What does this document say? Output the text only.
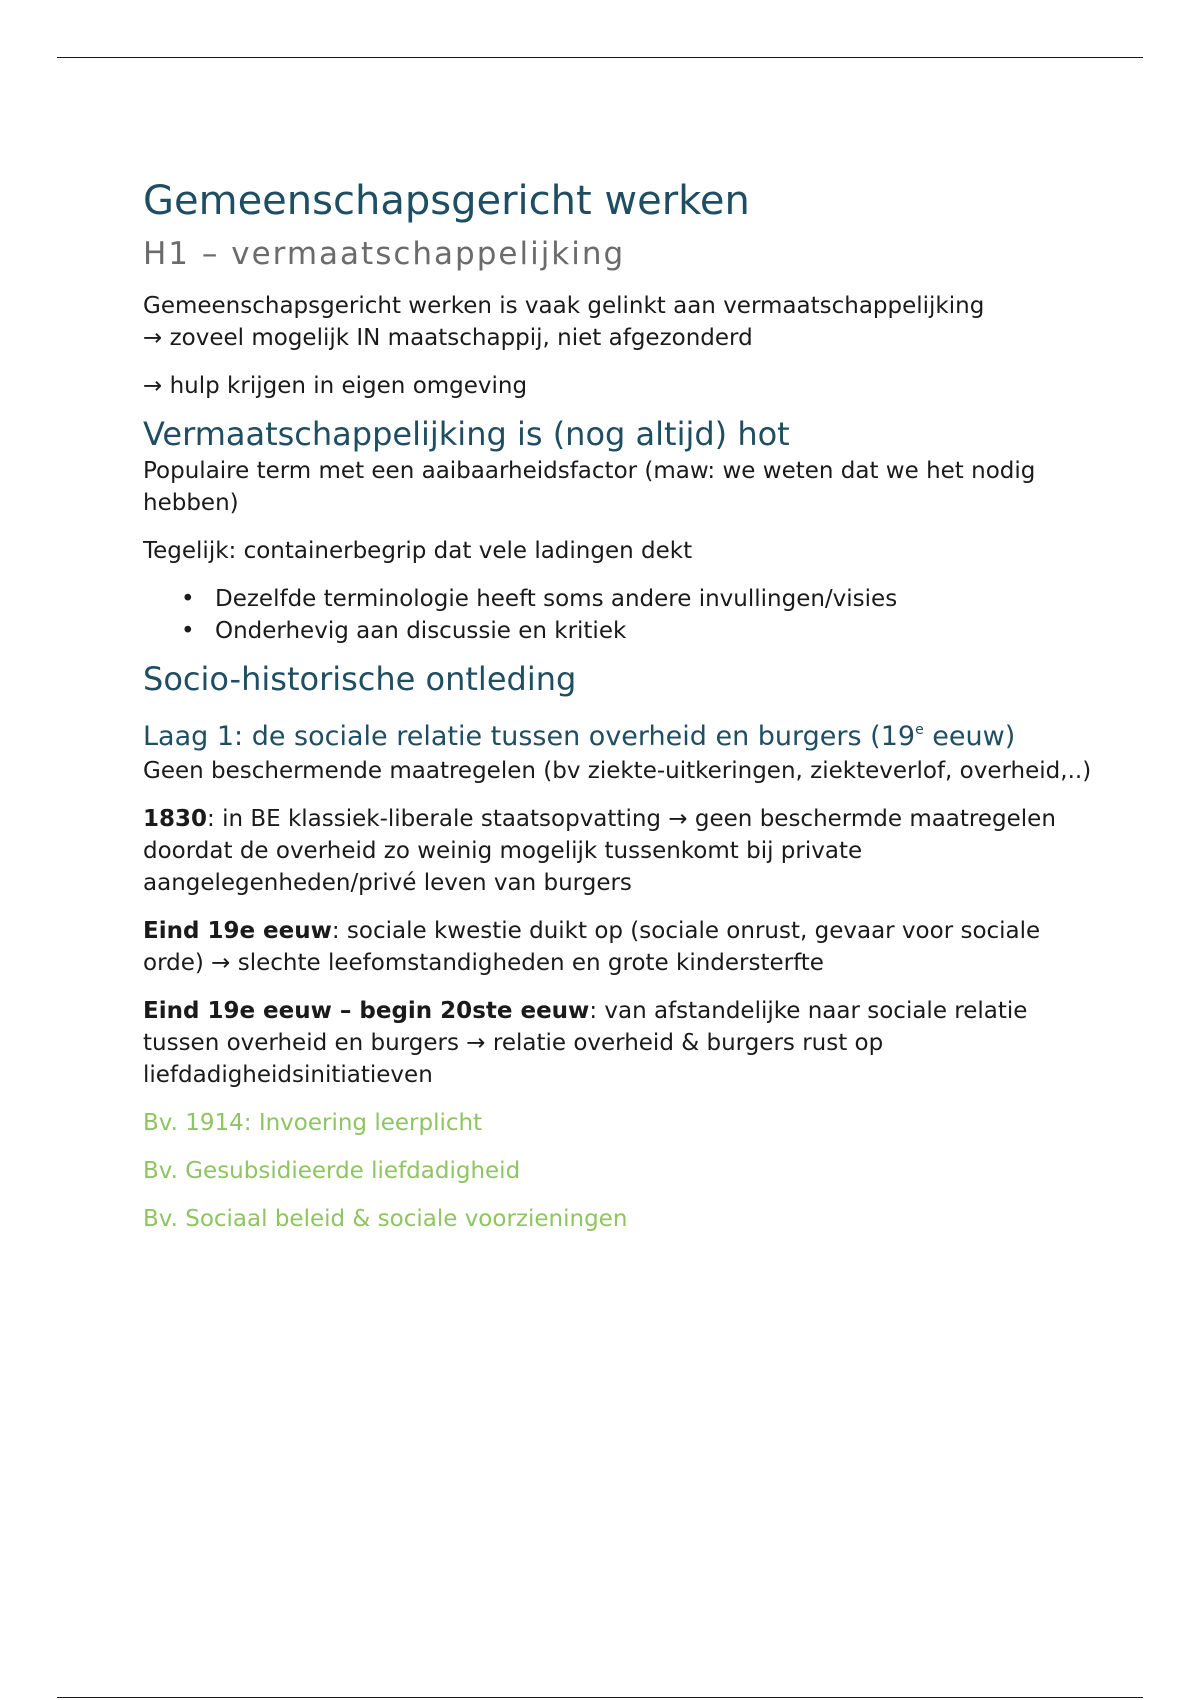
Gemeenschapsgericht werken
H1 – vermaatschappelijking

Gemeenschapsgericht werken is vaak gelinkt aan vermaatschappelijking

→ zoveel mogelijk IN maatschappij, niet afgezonderd

→ hulp krijgen in eigen omgeving

Vermaatschappelijking is (nog altijd) hot

Populaire term met een aaibaarheidsfactor (maw: we weten dat we het nodig hebben)

Tegelijk: containerbegrip dat vele ladingen dekt

• Dezelfde terminologie heeft soms andere invullingen/visies
• Onderhevig aan discussie en kritiek
Socio-historische ontleding
Laag 1: de sociale relatie tussen overheid en burgers (19e eeuw)

Geen beschermende maatregelen (bv ziekte-uitkeringen, ziekteverlof, overheid,..)

1830: in BE klassiek-liberale staatsopvatting → geen beschermde maatregelen doordat de overheid zo weinig mogelijk tussenkomt bij private aangelegenheden/privé leven van burgers

Eind 19e eeuw: sociale kwestie duikt op (sociale onrust, gevaar voor sociale orde) → slechte leefomstandigheden en grote kindersterfte

Eind 19e eeuw – begin 20ste eeuw: van afstandelijke naar sociale relatie tussen overheid en burgers → relatie overheid & burgers rust op liefdadigheidsinitiatieven

Bv. 1914: Invoering leerplicht

Bv. Gesubsidieerde liefdadigheid

Bv. Sociaal beleid & sociale voorzieningen
